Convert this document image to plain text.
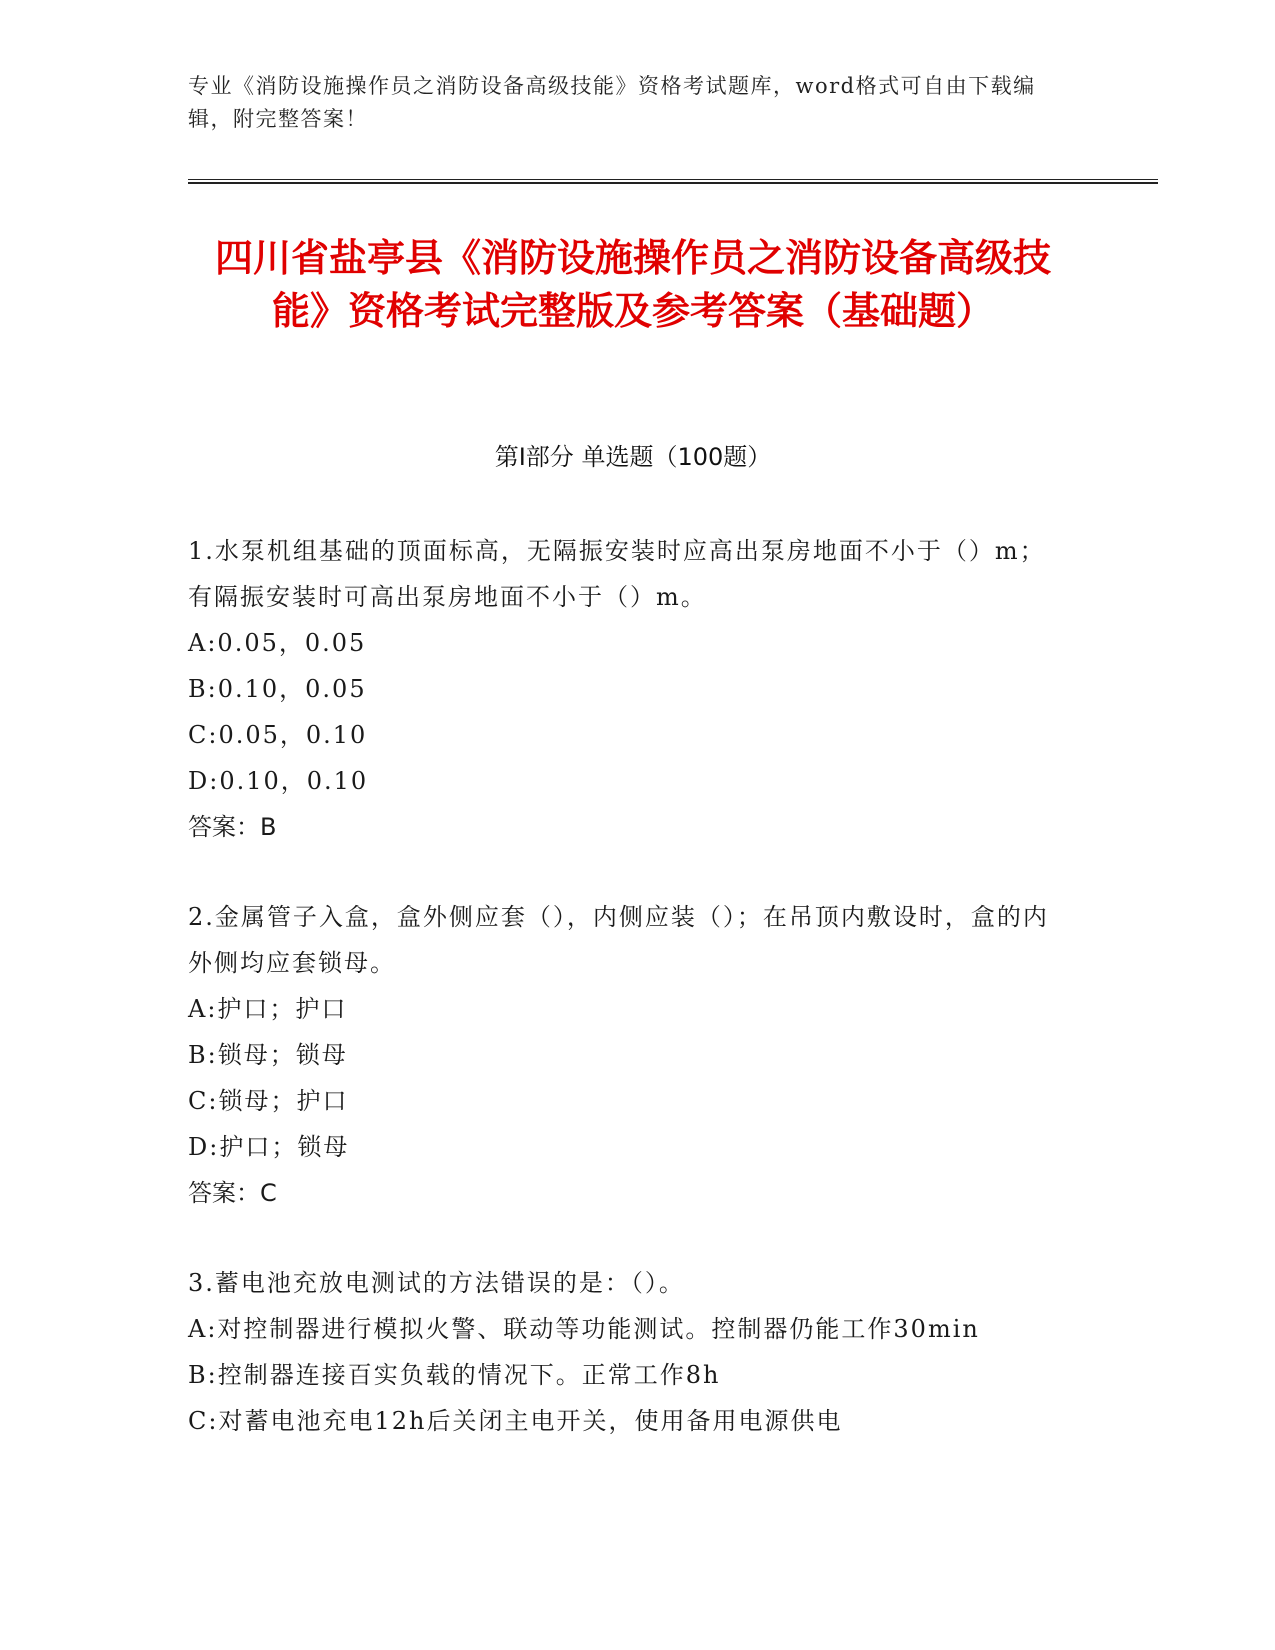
专业《消防设施操作员之消防设备高级技能》资格考试题库，word格式可自由下载编辑，附完整答案！
四川省盐亭县《消防设施操作员之消防设备高级技能》资格考试完整版及参考答案（基础题）
第Ⅰ部分 单选题（100题）
1.水泵机组基础的顶面标高，无隔振安装时应高出泵房地面不小于（）m；有隔振安装时可高出泵房地面不小于（）m。
A:0.05，0.05
B:0.10，0.05
C:0.05，0.10
D:0.10，0.10
答案：B
2.金属管子入盒，盒外侧应套（），内侧应装（）；在吊顶内敷设时，盒的内外侧均应套锁母。
A:护口；护口
B:锁母；锁母
C:锁母；护口
D:护口；锁母
答案：C
3.蓄电池充放电测试的方法错误的是：（）。
A:对控制器进行模拟火警、联动等功能测试。控制器仍能工作30min
B:控制器连接百实负载的情况下。正常工作8h
C:对蓄电池充电12h后关闭主电开关，使用备用电源供电
